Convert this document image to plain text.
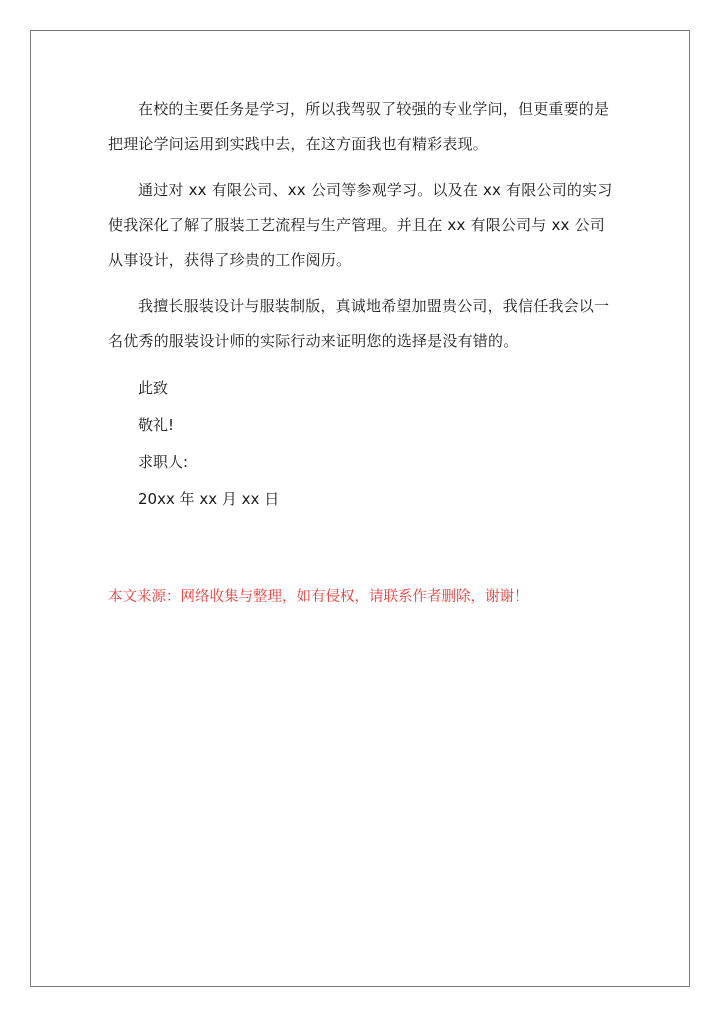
在校的主要任务是学习，所以我驾驭了较强的专业学问，但更重要的是把理论学问运用到实践中去，在这方面我也有精彩表现。

通过对 xx 有限公司、xx 公司等参观学习。以及在 xx 有限公司的实习使我深化了解了服装工艺流程与生产管理。并且在 xx 有限公司与 xx 公司从事设计，获得了珍贵的工作阅历。

我擅长服装设计与服装制版，真诚地希望加盟贵公司，我信任我会以一名优秀的服装设计师的实际行动来证明您的选择是没有错的。

此致

敬礼!

求职人:

20xx 年 xx 月 xx 日

本文来源：网络收集与整理，如有侵权，请联系作者删除，谢谢！
